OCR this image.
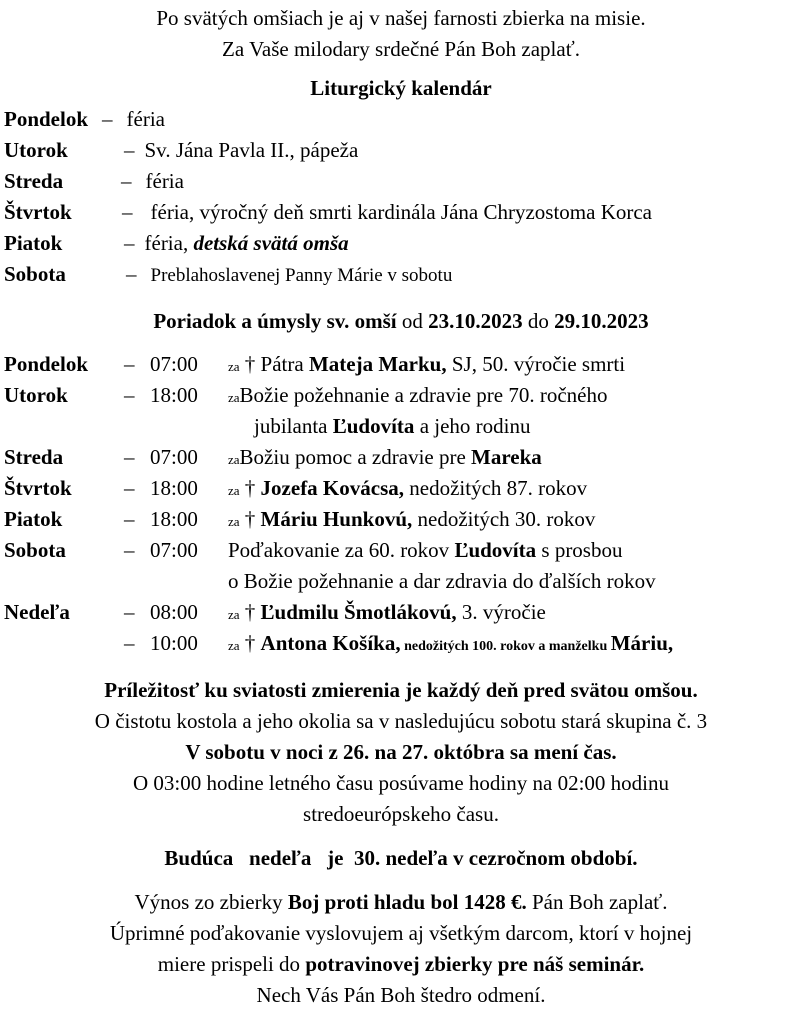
Po svätých omšiach je aj v našej farnosti zbierka na misie.
Za Vaše milodary srdečné Pán Boh zaplať.
Liturgický kalendár
Pondelok – féria
Utorok	– Sv. Jána Pavla II., pápeža
Streda	– féria
Štvrtok – féria, výročný deň smrti kardinála Jána Chryzostoma Korca
Piatok	– féria, detská svätá omša
Sobota	– Preblahoslavenej Panny Márie v sobotu
Poriadok a úmysly sv. omší od 23.10.2023 do 29.10.2023
Pondelok – 07:00 za † Pátra Mateja Marku, SJ, 50. výročie smrti
Utorok	– 18:00 zaBožie požehnanie a zdravie pre 70. ročného
jubilanta Ľudovíta a jeho rodinu
Streda	– 07:00 zaBožiu pomoc a zdravie pre Mareka
Štvrtok – 18:00 za † Jozefa Kovácsa, nedožitých 87. rokov
Piatok	– 18:00 za † Máriu Hunkovú, nedožitých 30. rokov
Sobota	– 07:00 Poďakovanie za 60. rokov Ľudovíta s prosbou
o Božie požehnanie a dar zdravia do ďalších rokov
Nedeľa	– 08:00 za † Ľudmilu Šmotlákovú, 3. výročie
– 10:00 za † Antona Košíka, nedožitých 100. rokov a manželku Máriu,
Príležitosť ku sviatosti zmierenia je každý deň pred svätou omšou.
O čistotu kostola a jeho okolia sa v nasledujúcu sobotu stará skupina č. 3
V sobotu v noci z 26. na 27. októbra sa mení čas.
O 03:00 hodine letného času posúvame hodiny na 02:00 hodinu
stredoeurópskeho času.
Budúca   nedeľa   je  30. nedeľa v cezročnom období.
Výnos zo zbierky Boj proti hladu bol 1428 €. Pán Boh zaplať.
Úprimné poďakovanie vyslovujem aj všetkým darcom, ktorí v hojnej
miere prispeli do potravinovej zbierky pre náš seminár.
Nech Vás Pán Boh štedro odmení.
